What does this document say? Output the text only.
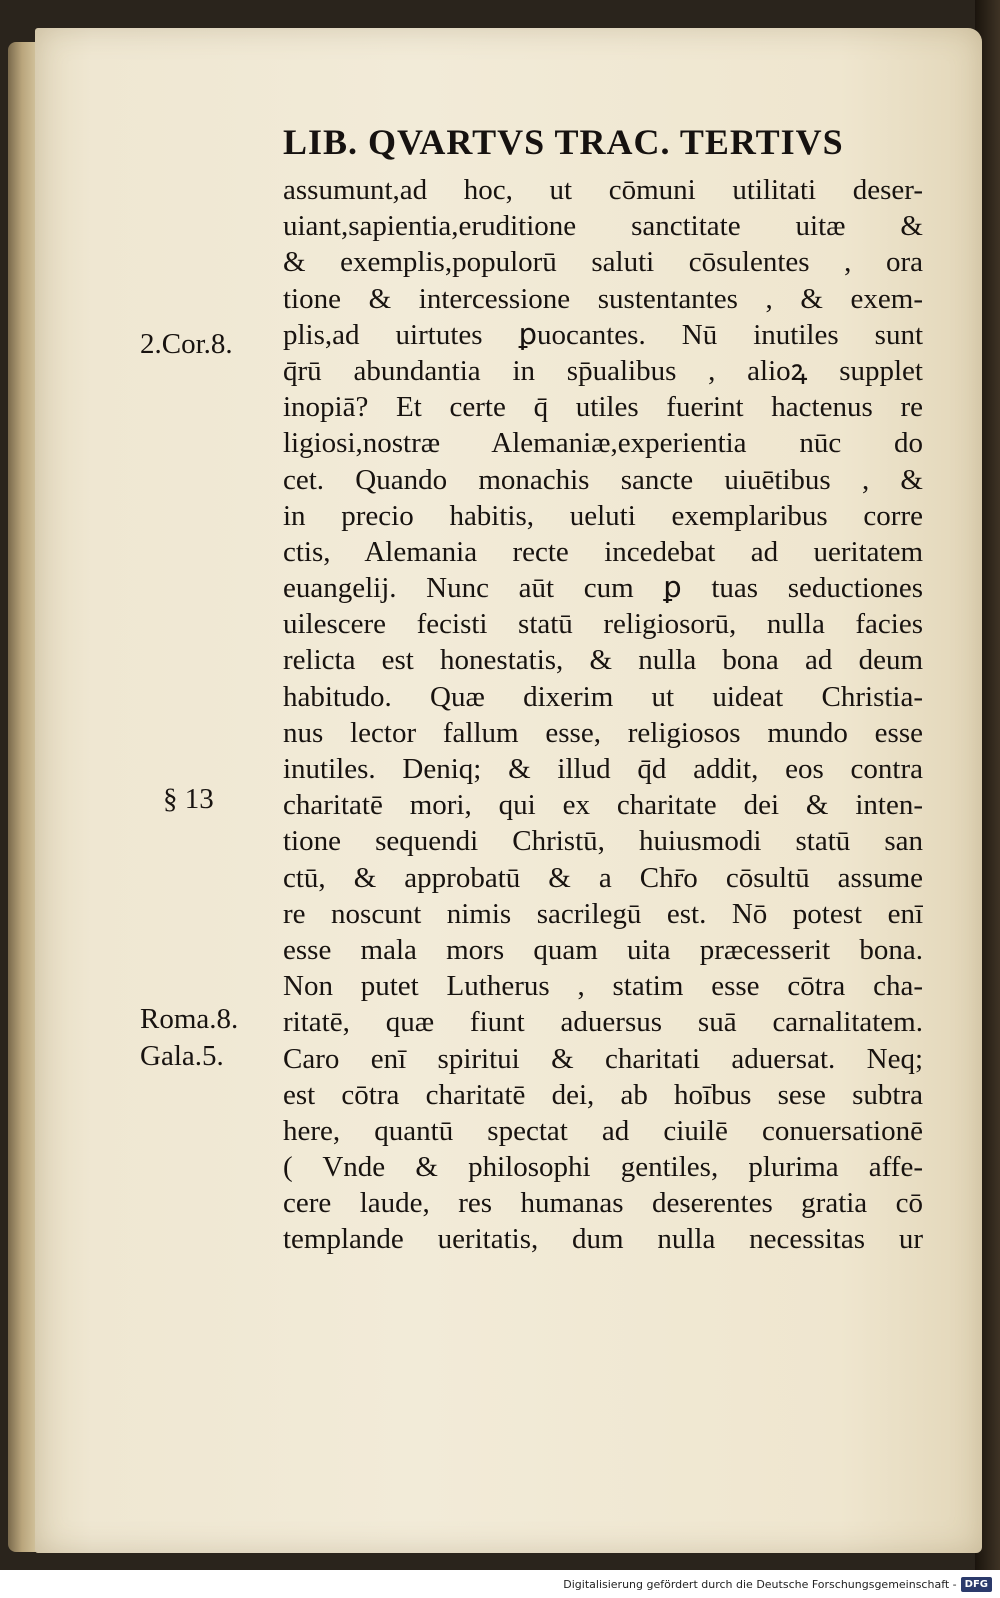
LIB. QVARTVS TRAC. TERTIVS
2.Cor.8.
§ 13
Roma.8.
Gala.5.
assumunt,ad hoc, ut cōmuni utilitati deser-
uiant,sapientia,eruditione sanctitate uitæ &
& exemplis,populorū saluti cōsulentes , ora
tione & intercessione sustentantes , & exem-
plis,ad uirtutes ꝑuocantes. Nū inutiles sunt
q̄rū abundantia in sp̄ualibus , alioꝝ supplet
inopiā? Et certe q̄ utiles fuerint hactenus re
ligiosi,nostræ Alemaniæ,experientia nūc do
cet. Quando monachis sancte uiuētibus , &
in precio habitis, ueluti exemplaribus corre
ctis, Alemania recte incedebat ad ueritatem
euangelij. Nunc aūt cum ꝑ tuas seductiones
uilescere fecisti statū religiosorū, nulla facies
relicta est honestatis, & nulla bona ad deum
habitudo. Quæ dixerim ut uideat Christia-
nus lector fallum esse, religiosos mundo esse
inutiles. Deniq; & illud q̄d addit, eos contra
charitatē mori, qui ex charitate dei & inten-
tione sequendi Christū, huiusmodi statū san
ctū, & approbatū & a Chr̄o cōsultū assume
re noscunt nimis sacrilegū est. Nō potest enī
esse mala mors quam uita præcesserit bona.
Non putet Lutherus , statim esse cōtra cha-
ritatē, quæ fiunt aduersus suā carnalitatem.
Caro enī spiritui & charitati aduersat. Neq;
est cōtra charitatē dei, ab hoībus sese subtra
here, quantū spectat ad ciuilē conuersationē
( Vnde & philosophi gentiles, plurima affe-
cere laude, res humanas deserentes gratia cō
templande ueritatis, dum nulla necessitas ur
Digitalisierung gefördert durch die Deutsche Forschungsgemeinschaft - DFG
